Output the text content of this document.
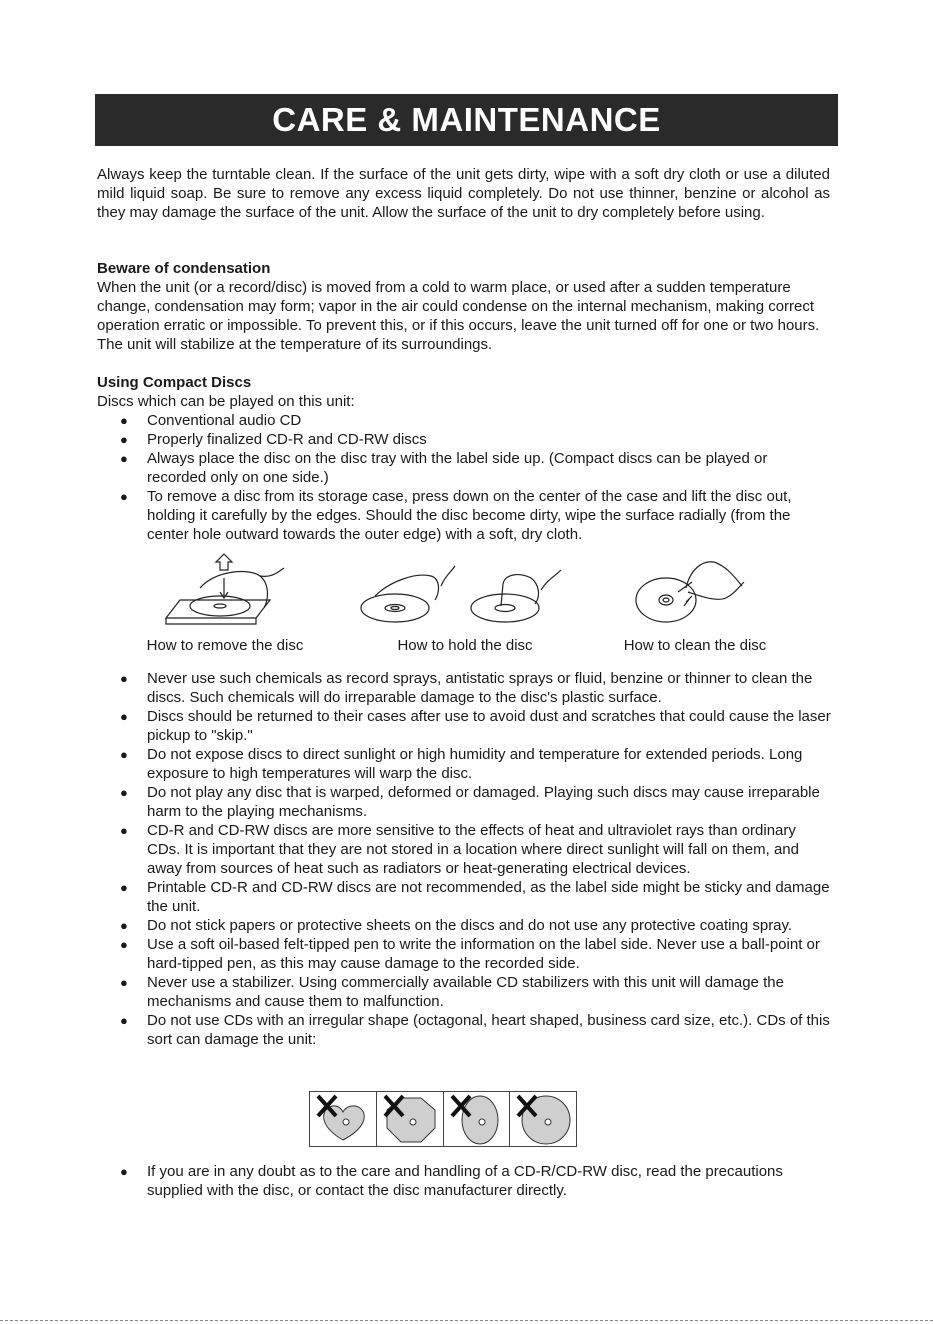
CARE & MAINTENANCE
Always keep the turntable clean. If the surface of the unit gets dirty, wipe with a soft dry cloth or use a diluted mild liquid soap. Be sure to remove any excess liquid completely. Do not use thinner, benzine or alcohol as they may damage the surface of the unit. Allow the surface of the unit to dry completely before using.
Beware of condensation
When the unit (or a record/disc) is moved from a cold to warm place, or used after a sudden temperature change, condensation may form; vapor in the air could condense on the internal mechanism, making correct operation erratic or impossible. To prevent this, or if this occurs, leave the unit turned off for one or two hours. The unit will stabilize at the temperature of its surroundings.
Using Compact Discs
Discs which can be played on this unit:
● Conventional audio CD
● Properly finalized CD-R and CD-RW discs
● Always place the disc on the disc tray with the label side up. (Compact discs can be played or recorded only on one side.)
● To remove a disc from its storage case, press down on the center of the case and lift the disc out, holding it carefully by the edges. Should the disc become dirty, wipe the surface radially (from the center hole outward towards the outer edge) with a soft, dry cloth.
How to remove the disc	How to hold the disc	How to clean the disc
● Never use such chemicals as record sprays, antistatic sprays or fluid, benzine or thinner to clean the discs. Such chemicals will do irreparable damage to the disc's plastic surface.
● Discs should be returned to their cases after use to avoid dust and scratches that could cause the laser pickup to "skip."
● Do not expose discs to direct sunlight or high humidity and temperature for extended periods. Long exposure to high temperatures will warp the disc.
● Do not play any disc that is warped, deformed or damaged. Playing such discs may cause irreparable harm to the playing mechanisms.
● CD-R and CD-RW discs are more sensitive to the effects of heat and ultraviolet rays than ordinary CDs. It is important that they are not stored in a location where direct sunlight will fall on them, and away from sources of heat such as radiators or heat-generating electrical devices.
● Printable CD-R and CD-RW discs are not recommended, as the label side might be sticky and damage the unit.
● Do not stick papers or protective sheets on the discs and do not use any protective coating spray.
● Use a soft oil-based felt-tipped pen to write the information on the label side. Never use a ball-point or hard-tipped pen, as this may cause damage to the recorded side.
● Never use a stabilizer. Using commercially available CD stabilizers with this unit will damage the mechanisms and cause them to malfunction.
● Do not use CDs with an irregular shape (octagonal, heart shaped, business card size, etc.). CDs of this sort can damage the unit:
● If you are in any doubt as to the care and handling of a CD-R/CD-RW disc, read the precautions supplied with the disc, or contact the disc manufacturer directly.
